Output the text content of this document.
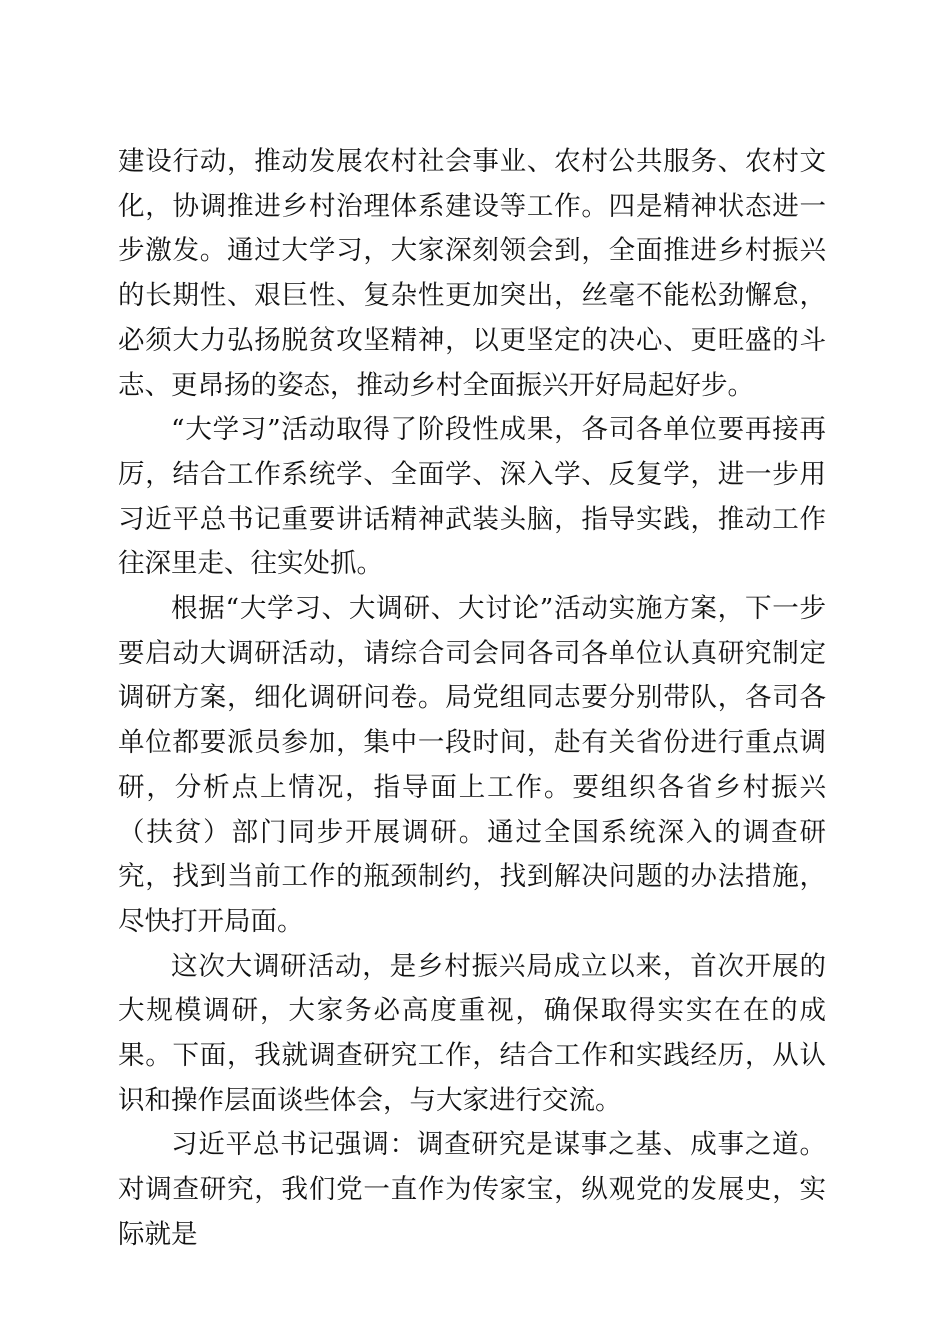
建设行动，推动发展农村社会事业、农村公共服务、农村文化，协调推进乡村治理体系建设等工作。四是精神状态进一步激发。通过大学习，大家深刻领会到，全面推进乡村振兴的长期性、艰巨性、复杂性更加突出，丝毫不能松劲懈怠，必须大力弘扬脱贫攻坚精神，以更坚定的决心、更旺盛的斗志、更昂扬的姿态，推动乡村全面振兴开好局起好步。

“大学习”活动取得了阶段性成果，各司各单位要再接再厉，结合工作系统学、全面学、深入学、反复学，进一步用习近平总书记重要讲话精神武装头脑，指导实践，推动工作往深里走、往实处抓。

根据“大学习、大调研、大讨论”活动实施方案，下一步要启动大调研活动，请综合司会同各司各单位认真研究制定调研方案，细化调研问卷。局党组同志要分别带队，各司各单位都要派员参加，集中一段时间，赴有关省份进行重点调研，分析点上情况，指导面上工作。要组织各省乡村振兴（扶贫）部门同步开展调研。通过全国系统深入的调查研究，找到当前工作的瓶颈制约，找到解决问题的办法措施，尽快打开局面。

这次大调研活动，是乡村振兴局成立以来，首次开展的大规模调研，大家务必高度重视，确保取得实实在在的成果。下面，我就调查研究工作，结合工作和实践经历，从认识和操作层面谈些体会，与大家进行交流。

习近平总书记强调：调查研究是谋事之基、成事之道。对调查研究，我们党一直作为传家宝，纵观党的发展史，实际就是
